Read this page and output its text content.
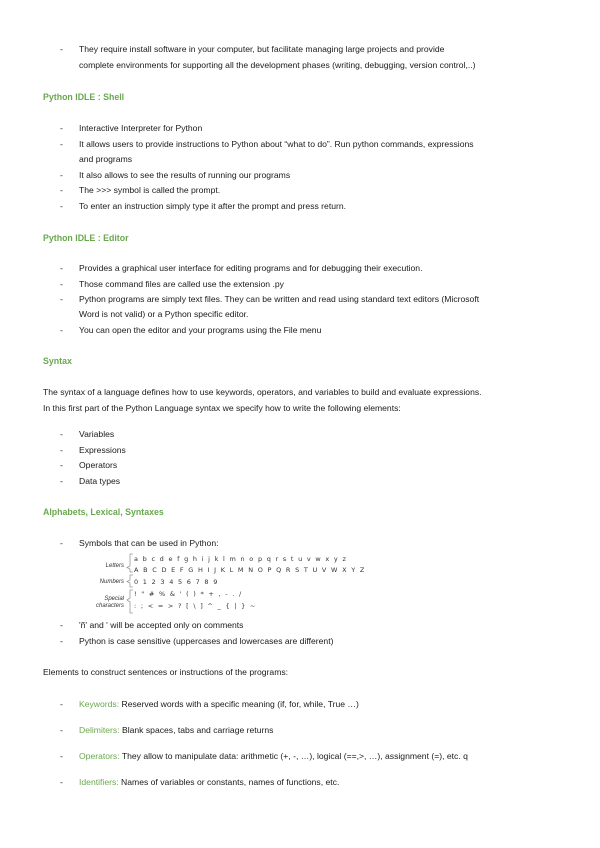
- They require install software in your computer, but facilitate managing large projects and provide
complete environments for supporting all the development phases (writing, debugging, version control,..)
Python IDLE : Shell
- Interactive Interpreter for Python
- It allows users to provide instructions to Python about “what to do”. Run python commands, expressions
and programs
- It also allows to see the results of running our programs
- The >>> symbol is called the prompt.
- To enter an instruction simply type it after the prompt and press return.
Python IDLE : Editor
- Provides a graphical user interface for editing programs and for debugging their execution.
- Those command files are called use the extension .py
- Python programs are simply text files. They can be written and read using standard text editors (Microsoft
Word is not valid) or a Python specific editor.
- You can open the editor and your programs using the File menu
Syntax
The syntax of a language defines how to use keywords, operators, and variables to build and evaluate expressions.
In this first part of the Python Language syntax we specify how to write the following elements:
- Variables
- Expressions
- Operators
- Data types
Alphabets, Lexical, Syntaxes
- Symbols that can be used in Python:
Letters
Numbers
Special
characters
a b c d e f g h i j k l m n o p q r s t u v w x y z
A B C D E F G H I J K L M N O P Q R S T U V W X Y Z
0 1 2 3 4 5 6 7 8 9
! " # % & ' ( ) * + , - . /
: ; < = > ? [ \ ] ^ _ { | } ~
- 'ñ' and ' will be accepted only on comments
- Python is case sensitive (uppercases and lowercases are different)
Elements to construct sentences or instructions of the programs:
- Keywords: Reserved words with a specific meaning (if, for, while, True …)
- Delimiters: Blank spaces, tabs and carriage returns
- Operators: They allow to manipulate data: arithmetic (+, -, …), logical (==,>, …), assignment (=), etc. q
- Identifiers: Names of variables or constants, names of functions, etc.
